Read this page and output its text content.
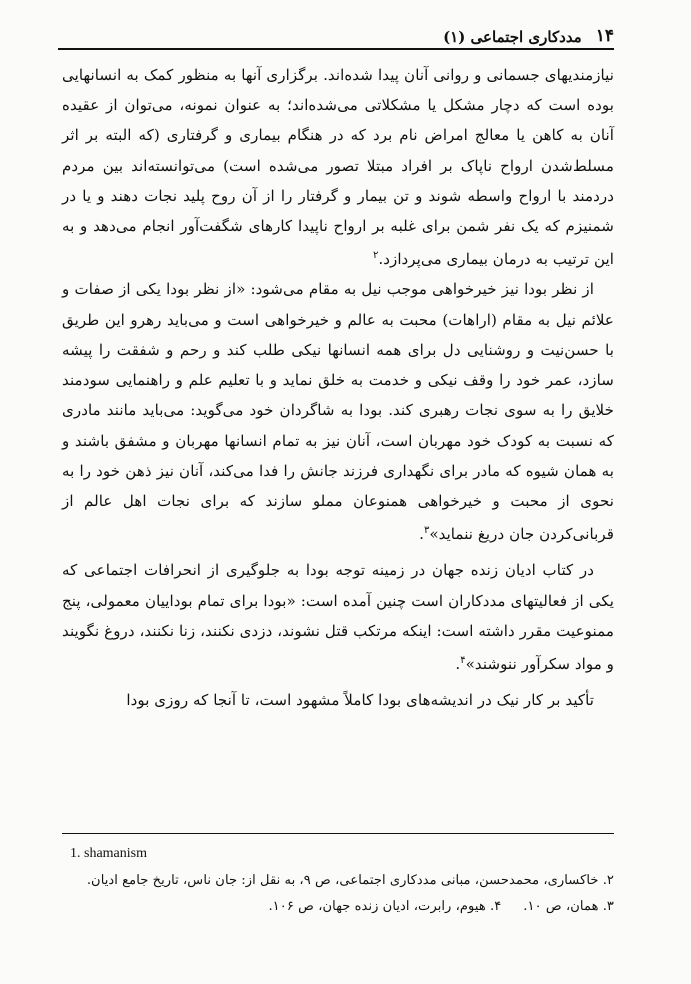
۱۴
مددکاری اجتماعی (۱)

نیازمندیهای جسمانی و روانی آنان پیدا شده‌اند. برگزاری آنها به منظور کمک به انسانهایی بوده است که دچار مشکل یا مشکلاتی می‌شده‌اند؛ به عنوان نمونه، می‌توان از عقیده آنان به کاهن یا معالج امراض نام برد که در هنگام بیماری و گرفتاری (که البته بر اثر مسلط‌شدن ارواح ناپاک بر افراد مبتلا تصور می‌شده است) می‌توانسته‌اند بین مردم دردمند با ارواح واسطه شوند و تن بیمار و گرفتار را از آن روح پلید نجات دهند و یا در شمنیزم که یک نفر شمن برای غلبه بر ارواح ناپیدا کارهای شگفت‌آور انجام می‌دهد و به این ترتیب به درمان بیماری می‌پردازد.$^۲$

از نظر بودا نیز خیرخواهی موجب نیل به مقام می‌شود: «از نظر بودا یکی از صفات و علائم نیل به مقام (اراهات) محبت به عالم و خیرخواهی است و می‌باید رهرو این طریق با حسن‌نیت و روشنایی دل برای همه انسانها نیکی طلب کند و رحم و شفقت را پیشه سازد، عمر خود را وقف نیکی و خدمت به خلق نماید و با تعلیم علم و راهنمایی سودمند خلایق را به سوی نجات رهبری کند. بودا به شاگردان خود می‌گوید: می‌باید مانند مادری که نسبت به کودک خود مهربان است، آنان نیز به تمام انسانها مهربان و مشفق باشند و به همان شیوه که مادر برای نگهداری فرزند جانش را فدا می‌کند، آنان نیز ذهن خود را به نحوی از محبت و خیرخواهی همنوعان مملو سازند که برای نجات اهل عالم از قربانی‌کردن جان دریغ ننماید»$^۳$.

در کتاب ادیان زنده جهان در زمینه توجه بودا به جلوگیری از انحرافات اجتماعی که یکی از فعالیتهای مددکاران است چنین آمده است: «بودا برای تمام بوداییان معمولی، پنج ممنوعیت مقرر داشته است: اینکه مرتکب قتل نشوند، دزدی نکنند، زنا نکنند، دروغ نگویند و مواد سکرآور ننوشند»$^۴$.

تأکید بر کار نیک در اندیشه‌های بودا کاملاً مشهود است، تا آنجا که روزی بودا

1. shamanism

۲. خاکساری، محمدحسن، مبانی مددکاری اجتماعی، ص ۹، به نقل از: جان ناس، تاریخ جامع ادیان.

۳. همان، ص ۱۰.
۴. هیوم، رابرت، ادیان زنده جهان، ص ۱۰۶.
